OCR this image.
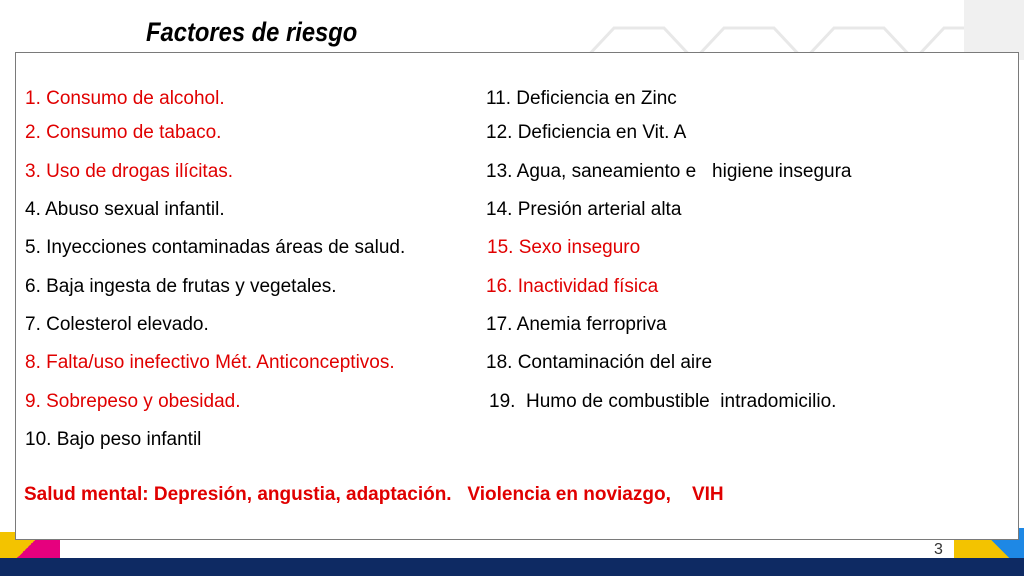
Factores de riesgo
1. Consumo de alcohol.
2. Consumo de tabaco.
3. Uso de drogas ilícitas.
4. Abuso sexual infantil.
5. Inyecciones contaminadas áreas de salud.
6. Baja ingesta de frutas y vegetales.
7. Colesterol elevado.
8. Falta/uso inefectivo Mét. Anticonceptivos.
9. Sobrepeso y obesidad.
10. Bajo peso infantil
11. Deficiencia en Zinc
12. Deficiencia en Vit. A
13. Agua, saneamiento e   higiene insegura
14. Presión arterial alta
15. Sexo inseguro
16. Inactividad física
17. Anemia ferropriva
18. Contaminación del aire
19.  Humo de combustible  intradomicilio.
Salud mental: Depresión, angustia, adaptación.   Violencia en noviazgo,    VIH
3
